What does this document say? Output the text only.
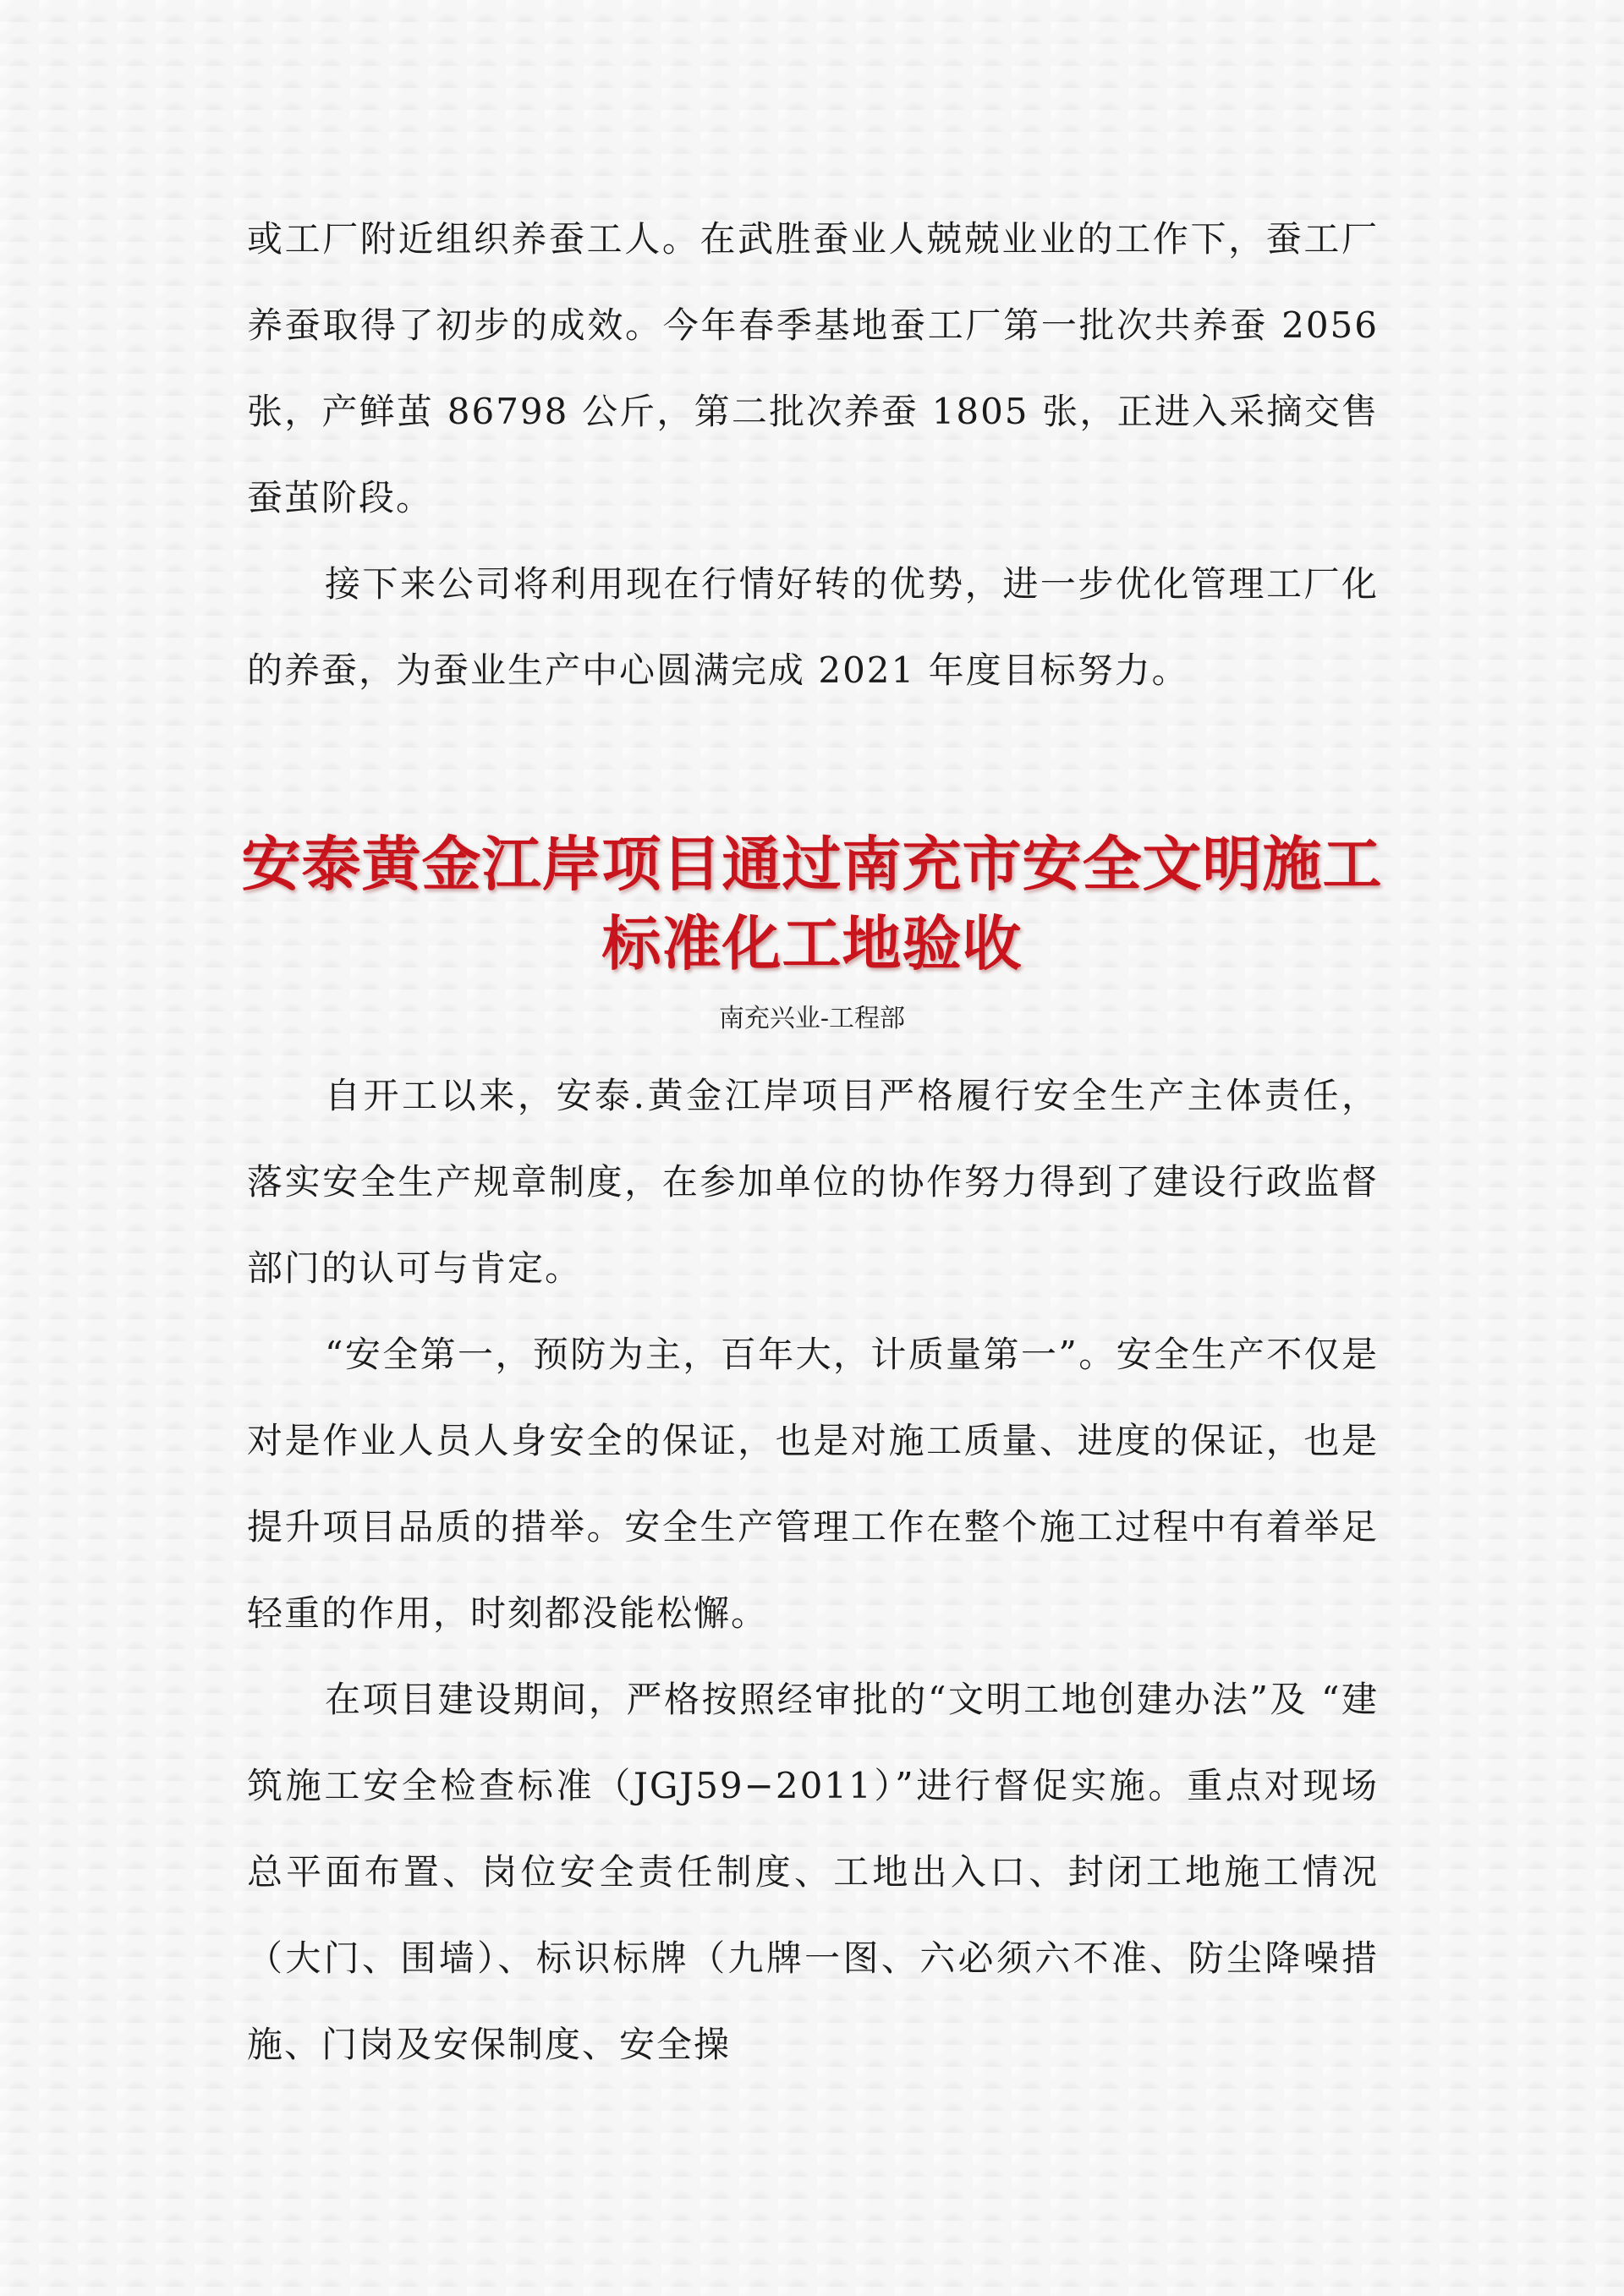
或工厂附近组织养蚕工人。在武胜蚕业人兢兢业业的工作下，蚕工厂养蚕取得了初步的成效。今年春季基地蚕工厂第一批次共养蚕 2056 张，产鲜茧 86798 公斤，第二批次养蚕 1805 张，正进入采摘交售蚕茧阶段。

接下来公司将利用现在行情好转的优势，进一步优化管理工厂化的养蚕，为蚕业生产中心圆满完成 2021 年度目标努力。

安泰黄金江岸项目通过南充市安全文明施工
标准化工地验收

南充兴业-工程部

自开工以来，安泰.黄金江岸项目严格履行安全生产主体责任，落实安全生产规章制度，在参加单位的协作努力得到了建设行政监督部门的认可与肯定。

“安全第一，预防为主，百年大，计质量第一”。安全生产不仅是对是作业人员人身安全的保证，也是对施工质量、进度的保证，也是提升项目品质的措举。安全生产管理工作在整个施工过程中有着举足轻重的作用，时刻都没能松懈。

在项目建设期间，严格按照经审批的“文明工地创建办法”及 “建筑施工安全检查标准（JGJ59−2011）”进行督促实施。重点对现场总平面布置、岗位安全责任制度、工地出入口、封闭工地施工情况（大门、围墙）、标识标牌（九牌一图、六必须六不准、防尘降噪措施、门岗及安保制度、安全操
